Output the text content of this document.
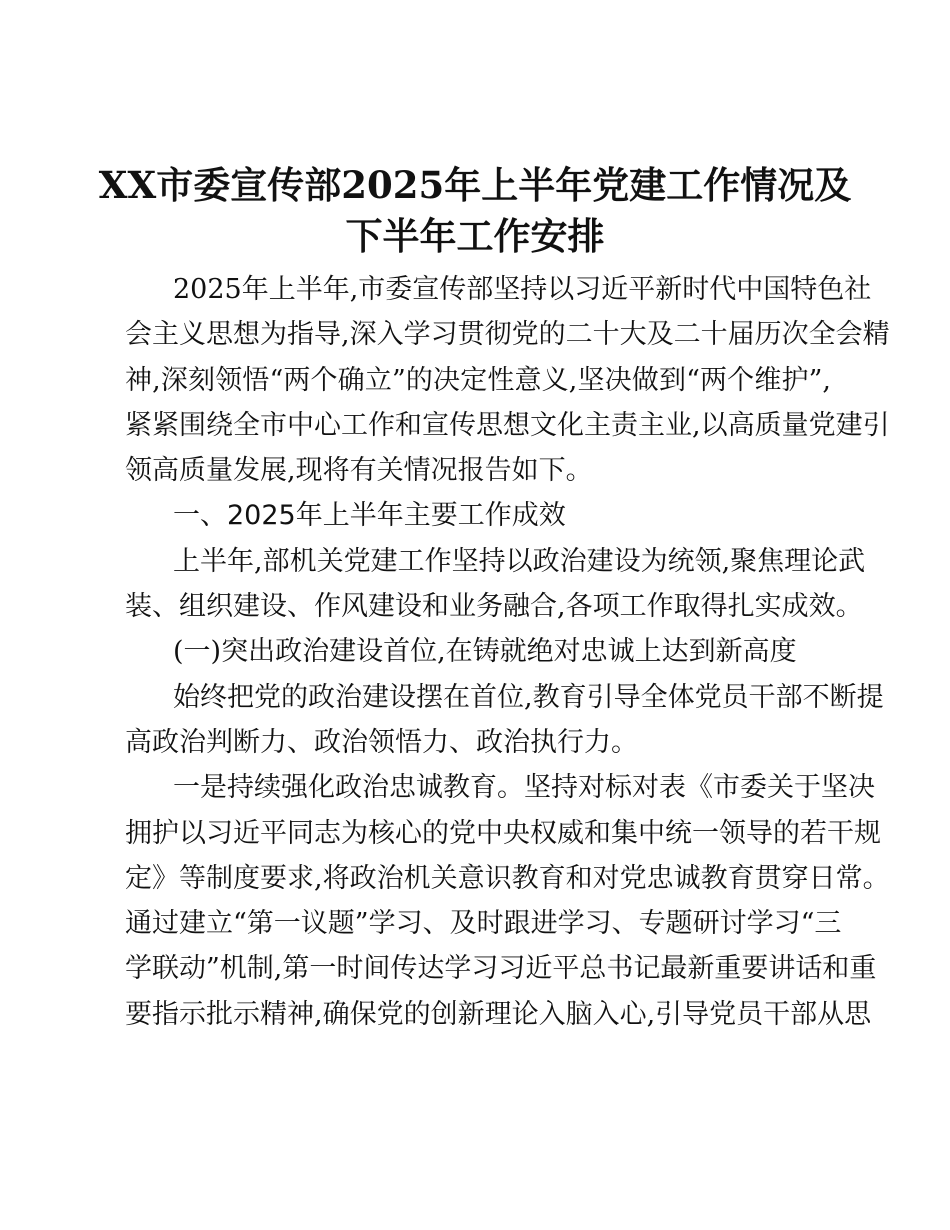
XX市委宣传部2025年上半年党建工作情况及
下半年工作安排
2025年上半年,市委宣传部坚持以习近平新时代中国特色社
会主义思想为指导,深入学习贯彻党的二十大及二十届历次全会精
神,深刻领悟“两个确立”的决定性意义,坚决做到“两个维护”,
紧紧围绕全市中心工作和宣传思想文化主责主业,以高质量党建引
领高质量发展,现将有关情况报告如下。
一、2025年上半年主要工作成效
上半年,部机关党建工作坚持以政治建设为统领,聚焦理论武
装、组织建设、作风建设和业务融合,各项工作取得扎实成效。
(一)突出政治建设首位,在铸就绝对忠诚上达到新高度
始终把党的政治建设摆在首位,教育引导全体党员干部不断提
高政治判断力、政治领悟力、政治执行力。
一是持续强化政治忠诚教育。坚持对标对表《市委关于坚决
拥护以习近平同志为核心的党中央权威和集中统一领导的若干规
定》等制度要求,将政治机关意识教育和对党忠诚教育贯穿日常。
通过建立“第一议题”学习、及时跟进学习、专题研讨学习“三
学联动”机制,第一时间传达学习习近平总书记最新重要讲话和重
要指示批示精神,确保党的创新理论入脑入心,引导党员干部从思
